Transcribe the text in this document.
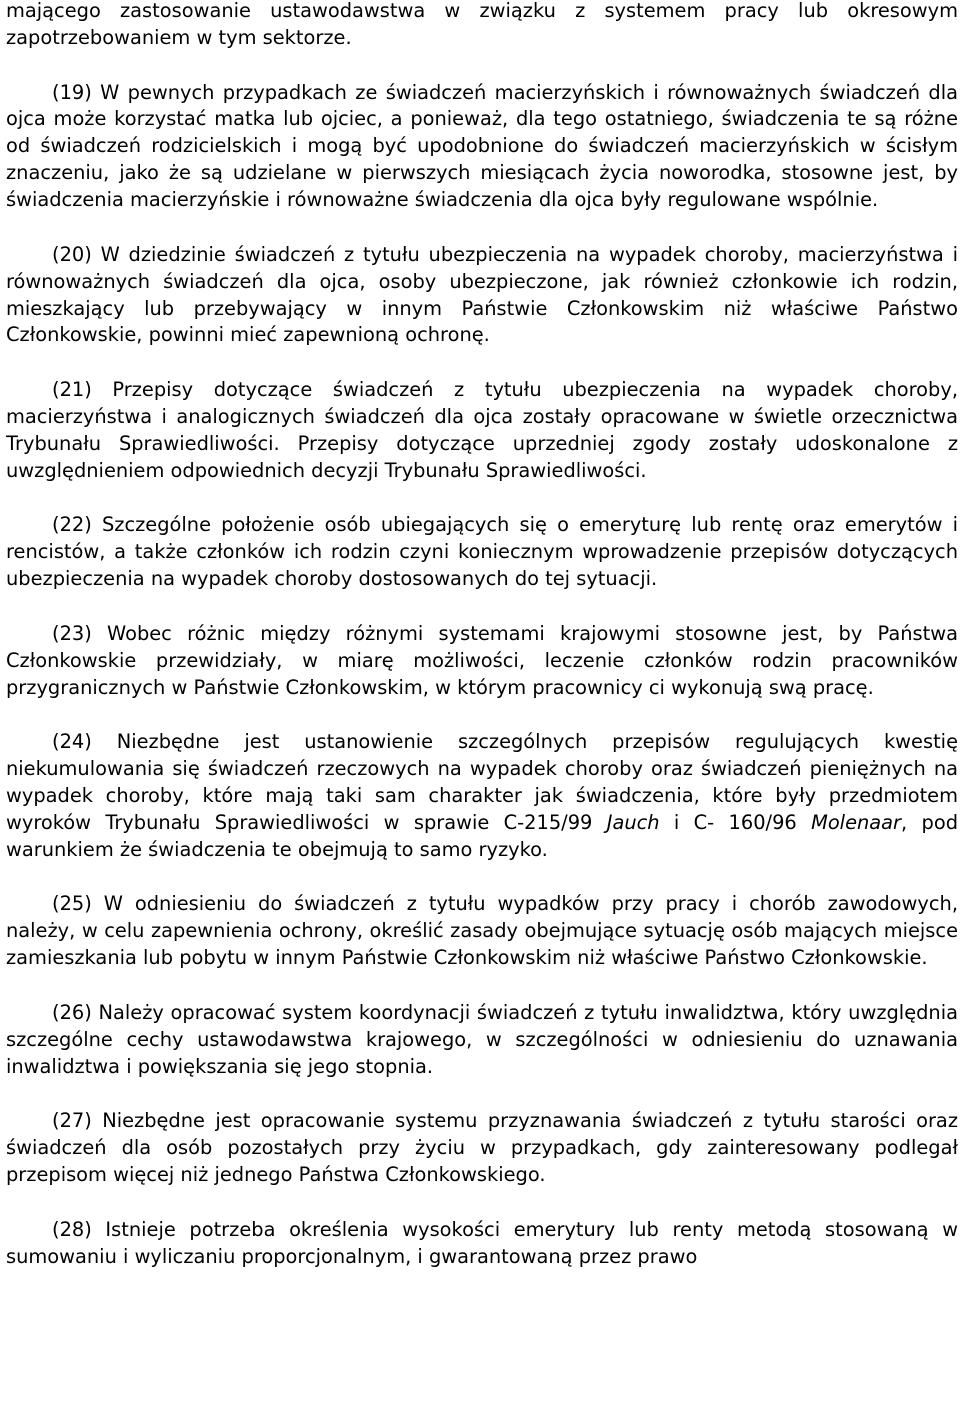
mającego zastosowanie ustawodawstwa w związku z systemem pracy lub okresowym zapotrzebowaniem w tym sektorze.

(19) W pewnych przypadkach ze świadczeń macierzyńskich i równoważnych świadczeń dla ojca może korzystać matka lub ojciec, a ponieważ, dla tego ostatniego, świadczenia te są różne od świadczeń rodzicielskich i mogą być upodobnione do świadczeń macierzyńskich w ścisłym znaczeniu, jako że są udzielane w pierwszych miesiącach życia noworodka, stosowne jest, by świadczenia macierzyńskie i równoważne świadczenia dla ojca były regulowane wspólnie.

(20) W dziedzinie świadczeń z tytułu ubezpieczenia na wypadek choroby, macierzyństwa i równoważnych świadczeń dla ojca, osoby ubezpieczone, jak również członkowie ich rodzin, mieszkający lub przebywający w innym Państwie Członkowskim niż właściwe Państwo Członkowskie, powinni mieć zapewnioną ochronę.

(21) Przepisy dotyczące świadczeń z tytułu ubezpieczenia na wypadek choroby, macierzyństwa i analogicznych świadczeń dla ojca zostały opracowane w świetle orzecznictwa Trybunału Sprawiedliwości. Przepisy dotyczące uprzedniej zgody zostały udoskonalone z uwzględnieniem odpowiednich decyzji Trybunału Sprawiedliwości.

(22) Szczególne położenie osób ubiegających się o emeryturę lub rentę oraz emerytów i rencistów, a także członków ich rodzin czyni koniecznym wprowadzenie przepisów dotyczących ubezpieczenia na wypadek choroby dostosowanych do tej sytuacji.

(23) Wobec różnic między różnymi systemami krajowymi stosowne jest, by Państwa Członkowskie przewidziały, w miarę możliwości, leczenie członków rodzin pracowników przygranicznych w Państwie Członkowskim, w którym pracownicy ci wykonują swą pracę.

(24) Niezbędne jest ustanowienie szczególnych przepisów regulujących kwestię niekumulowania się świadczeń rzeczowych na wypadek choroby oraz świadczeń pieniężnych na wypadek choroby, które mają taki sam charakter jak świadczenia, które były przedmiotem wyroków Trybunału Sprawiedliwości w sprawie C-215/99 Jauch i C- 160/96 Molenaar, pod warunkiem że świadczenia te obejmują to samo ryzyko.

(25) W odniesieniu do świadczeń z tytułu wypadków przy pracy i chorób zawodowych, należy, w celu zapewnienia ochrony, określić zasady obejmujące sytuację osób mających miejsce zamieszkania lub pobytu w innym Państwie Członkowskim niż właściwe Państwo Członkowskie.

(26) Należy opracować system koordynacji świadczeń z tytułu inwalidztwa, który uwzględnia szczególne cechy ustawodawstwa krajowego, w szczególności w odniesieniu do uznawania inwalidztwa i powiększania się jego stopnia.

(27) Niezbędne jest opracowanie systemu przyznawania świadczeń z tytułu starości oraz świadczeń dla osób pozostałych przy życiu w przypadkach, gdy zainteresowany podlegał przepisom więcej niż jednego Państwa Członkowskiego.

(28) Istnieje potrzeba określenia wysokości emerytury lub renty metodą stosowaną w sumowaniu i wyliczaniu proporcjonalnym, i gwarantowaną przez prawo
